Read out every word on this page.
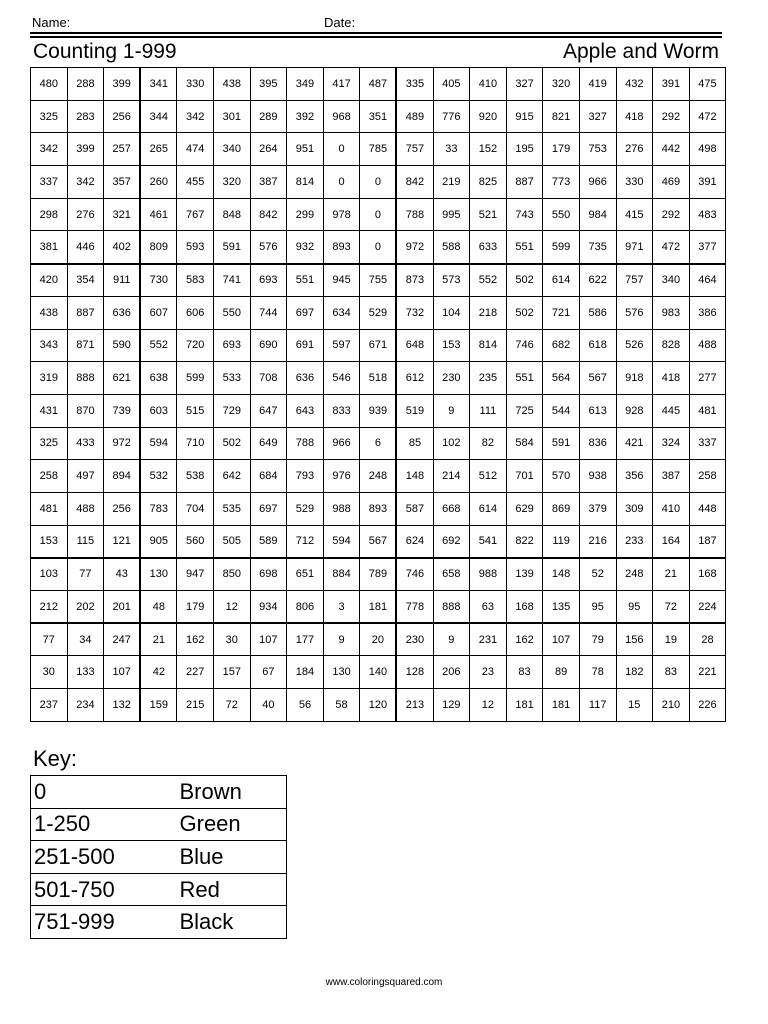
Name:	Date:
Counting 1-999	Apple and Worm
480	288	399	341	330	438	395	349	417	487	335	405	410	327	320	419	432	391	475
325	283	256	344	342	301	289	392	968	351	489	776	920	915	821	327	418	292	472
342	399	257	265	474	340	264	951	0	785	757	33	152	195	179	753	276	442	498
337	342	357	260	455	320	387	814	0	0	842	219	825	887	773	966	330	469	391
298	276	321	461	767	848	842	299	978	0	788	995	521	743	550	984	415	292	483
381	446	402	809	593	591	576	932	893	0	972	588	633	551	599	735	971	472	377
420	354	911	730	583	741	693	551	945	755	873	573	552	502	614	622	757	340	464
438	887	636	607	606	550	744	697	634	529	732	104	218	502	721	586	576	983	386
343	871	590	552	720	693	690	691	597	671	648	153	814	746	682	618	526	828	488
319	888	621	638	599	533	708	636	546	518	612	230	235	551	564	567	918	418	277
431	870	739	603	515	729	647	643	833	939	519	9	111	725	544	613	928	445	481
325	433	972	594	710	502	649	788	966	6	85	102	82	584	591	836	421	324	337
258	497	894	532	538	642	684	793	976	248	148	214	512	701	570	938	356	387	258
481	488	256	783	704	535	697	529	988	893	587	668	614	629	869	379	309	410	448
153	115	121	905	560	505	589	712	594	567	624	692	541	822	119	216	233	164	187
103	77	43	130	947	850	698	651	884	789	746	658	988	139	148	52	248	21	168
212	202	201	48	179	12	934	806	3	181	778	888	63	168	135	95	95	72	224
77	34	247	21	162	30	107	177	9	20	230	9	231	162	107	79	156	19	28
30	133	107	42	227	157	67	184	130	140	128	206	23	83	89	78	182	83	221
237	234	132	159	215	72	40	56	58	120	213	129	12	181	181	117	15	210	226
Key:
0	Brown
1-250	Green
251-500	Blue
501-750	Red
751-999	Black
www.coloringsquared.com
